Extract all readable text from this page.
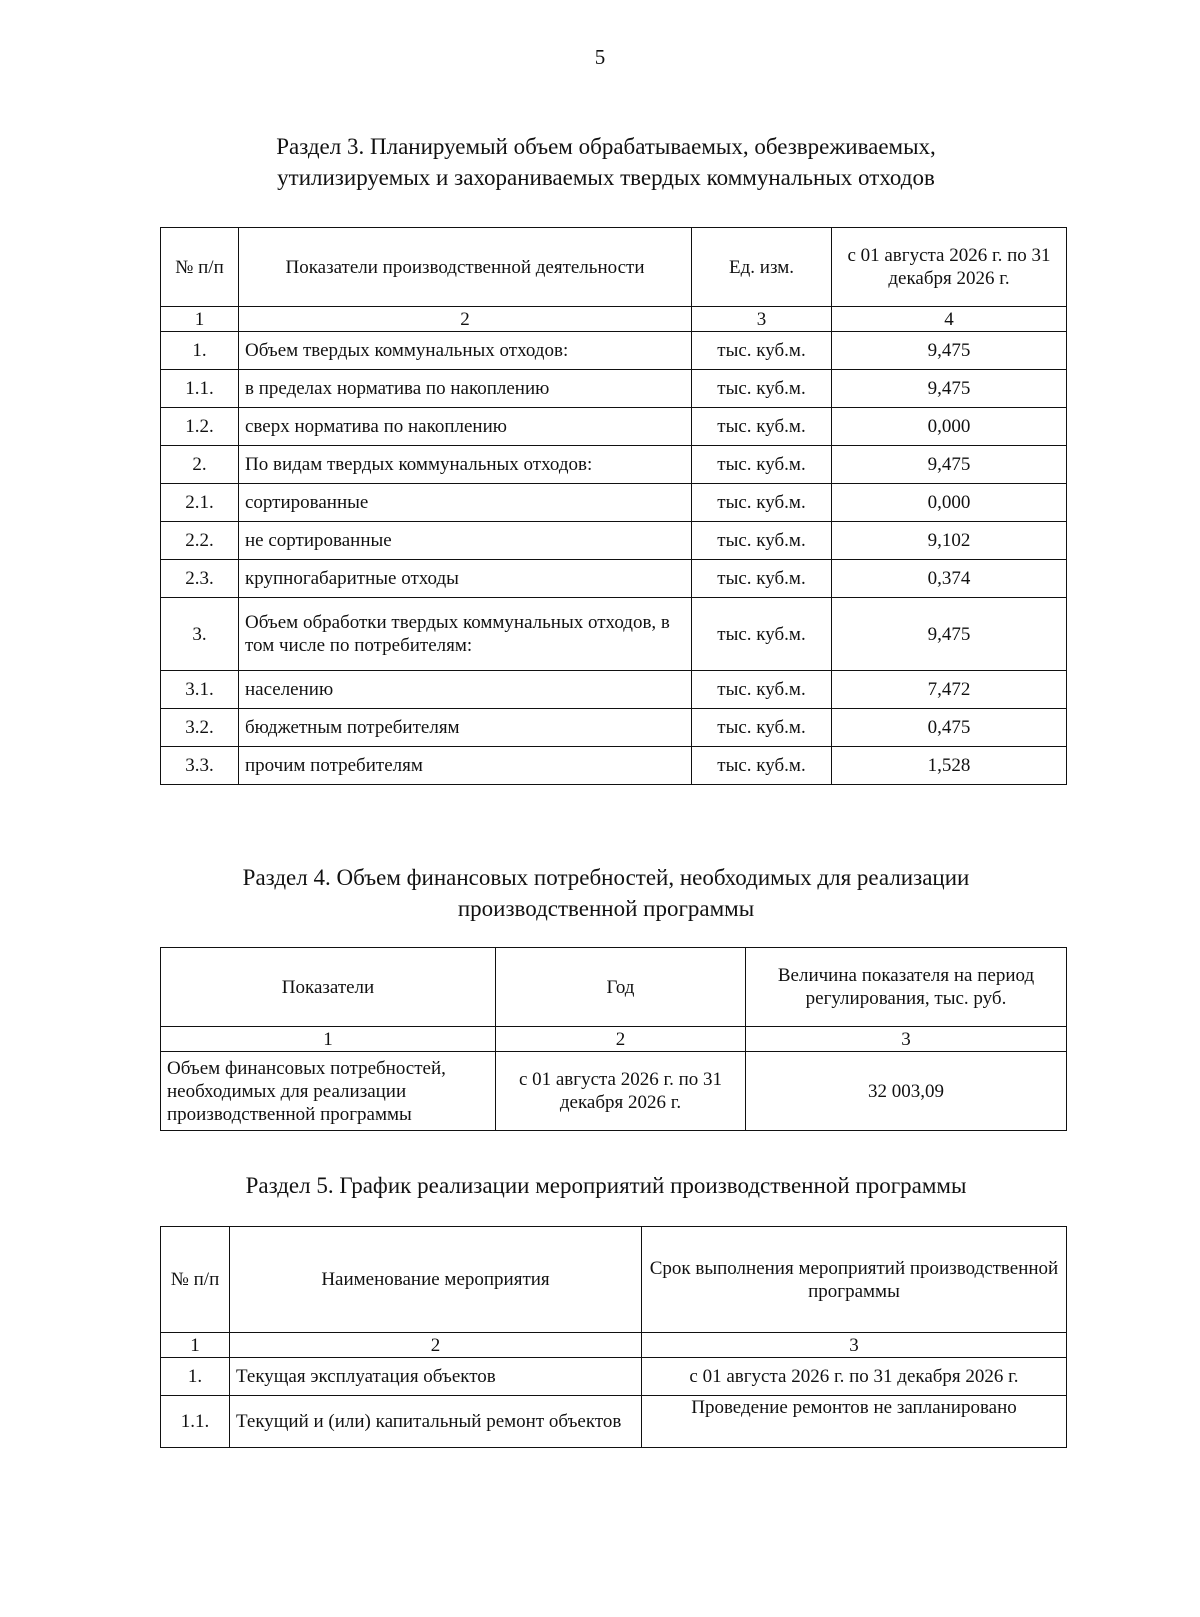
5
Раздел 3. Планируемый объем обрабатываемых, обезвреживаемых,
утилизируемых и захораниваемых твердых коммунальных отходов
№ п/п	Показатели производственной деятельности	Ед. изм.	с 01 августа 2026 г. по 31 декабря 2026 г.
1	2	3	4
1.	Объем твердых коммунальных отходов:	тыс. куб.м.	9,475
1.1.	в пределах норматива по накоплению	тыс. куб.м.	9,475
1.2.	сверх норматива по накоплению	тыс. куб.м.	0,000
2.	По видам твердых коммунальных отходов:	тыс. куб.м.	9,475
2.1.	сортированные	тыс. куб.м.	0,000
2.2.	не сортированные	тыс. куб.м.	9,102
2.3.	крупногабаритные отходы	тыс. куб.м.	0,374
3.	Объем обработки твердых коммунальных отходов, в том числе по потребителям:	тыс. куб.м.	9,475
3.1.	населению	тыс. куб.м.	7,472
3.2.	бюджетным потребителям	тыс. куб.м.	0,475
3.3.	прочим потребителям	тыс. куб.м.	1,528
Раздел 4. Объем финансовых потребностей, необходимых для реализации
производственной программы
Показатели	Год	Величина показателя на период регулирования, тыс. руб.
1	2	3
Объем финансовых потребностей, необходимых для реализации производственной программы	с 01 августа 2026 г. по 31 декабря 2026 г.	32 003,09
Раздел 5. График реализации мероприятий производственной программы
№ п/п	Наименование мероприятия	Срок выполнения мероприятий производственной программы
1	2	3
1.	Текущая эксплуатация объектов	с 01 августа 2026 г. по 31 декабря 2026 г.
1.1.	Текущий и (или) капитальный ремонт объектов	Проведение ремонтов не запланировано
